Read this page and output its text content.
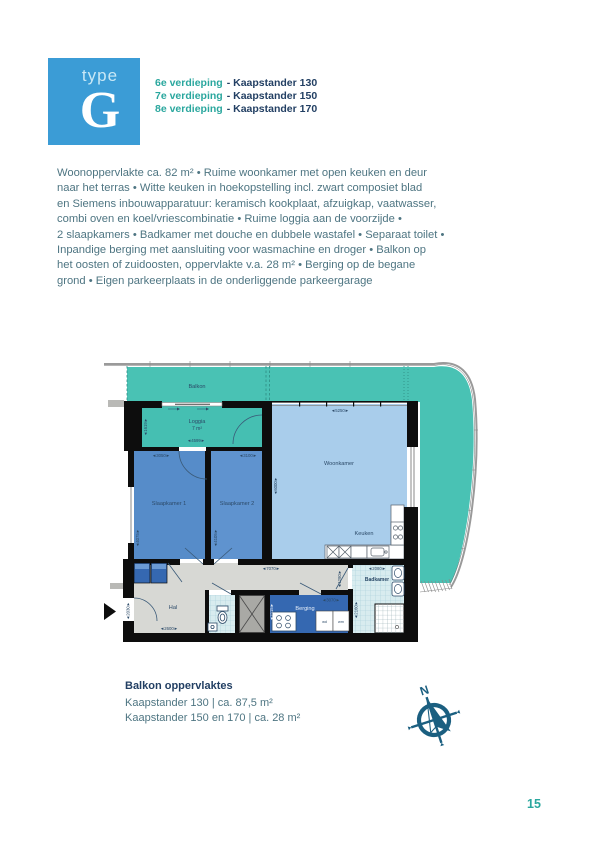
type
G	6e verdieping - Kaapstander 130
7e verdieping - Kaapstander 150
8e verdieping - Kaapstander 170
Woonoppervlakte ca. 82 m² • Ruime woonkamer met open keuken en deur
naar het terras • Witte keuken in hoekopstelling incl. zwart composiet blad
en Siemens inbouwapparatuur: keramisch kookplaat, afzuigkap, vaatwasser,
combi oven en koel/vriescombinatie • Ruime loggia aan de voorzijde •
2 slaapkamers • Badkamer met douche en dubbele wastafel • Separaat toilet •
Inpandige berging met aansluiting voor wasmachine en droger • Balkon op
het oosten of zuidoosten, oppervlakte v.a. 28 m² • Berging op de begane
grond • Eigen parkeerplaats in de onderliggende parkeergarage
Balkon
Loggia
7 m²
Slaapkamer 1	Slaapkamer 2
Woonkamer
Keuken
Hal	Berging
Badkamer
wd	wm
◄4599►
◄1619►
◄3050►
◄4075►
◄3100►
◄4105►
◄5250►
◄6000►
◄7070►
◄1290►
◄2600►
◄2030►
◄3070►
◄2115►
◄2080►
◄2160►
Balkon oppervlaktes
Kaapstander 130 | ca. 87,5 m²
Kaapstander 150 en 170 | ca. 28 m²
N
15
